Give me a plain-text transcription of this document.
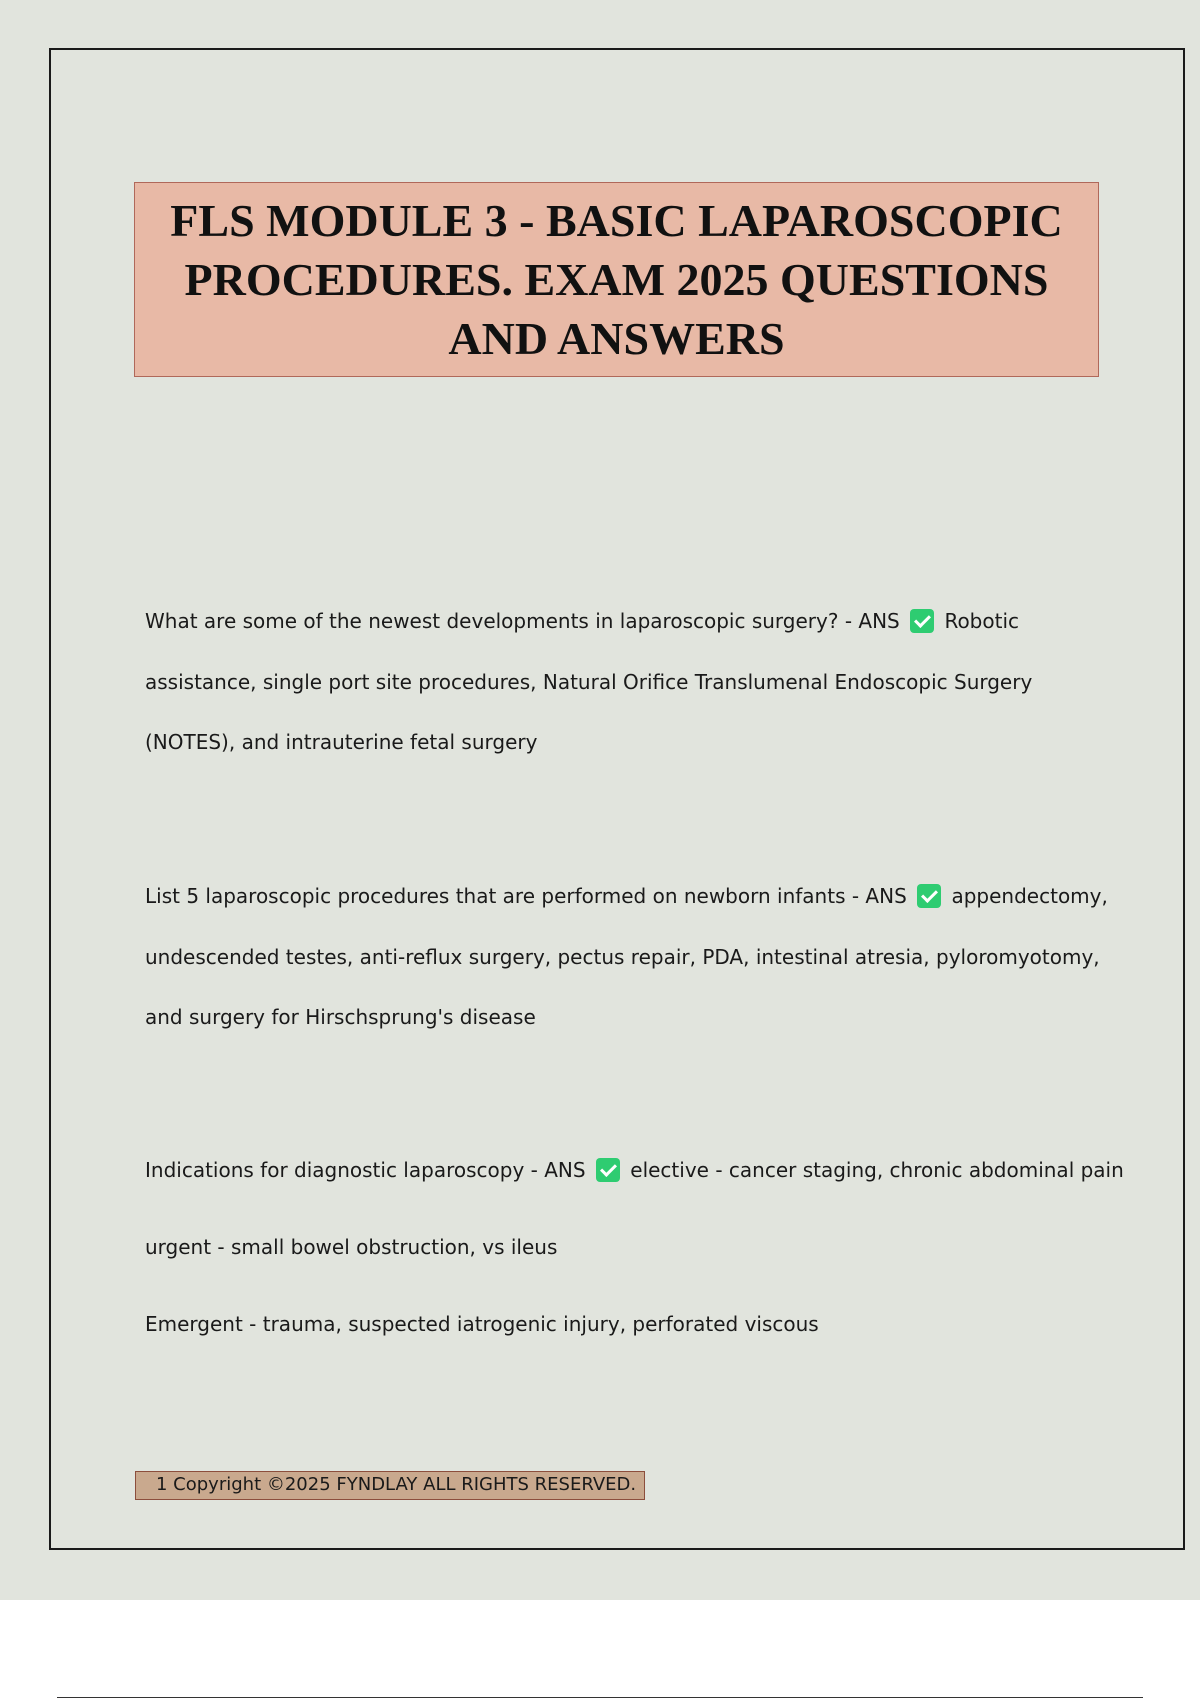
FLS MODULE 3 - BASIC LAPAROSCOPIC
PROCEDURES. EXAM 2025 QUESTIONS
AND ANSWERS
What are some of the newest developments in laparoscopic surgery? - ANS  Robotic
assistance, single port site procedures, Natural Orifice Translumenal Endoscopic Surgery
(NOTES), and intrauterine fetal surgery
List 5 laparoscopic procedures that are performed on newborn infants - ANS  appendectomy,
undescended testes, anti-reflux surgery, pectus repair, PDA, intestinal atresia, pyloromyotomy,
and surgery for Hirschsprung's disease
Indications for diagnostic laparoscopy - ANS  elective - cancer staging, chronic abdominal pain
urgent - small bowel obstruction, vs ileus
Emergent - trauma, suspected iatrogenic injury, perforated viscous
1 Copyright ©2025 FYNDLAY ALL RIGHTS RESERVED.
